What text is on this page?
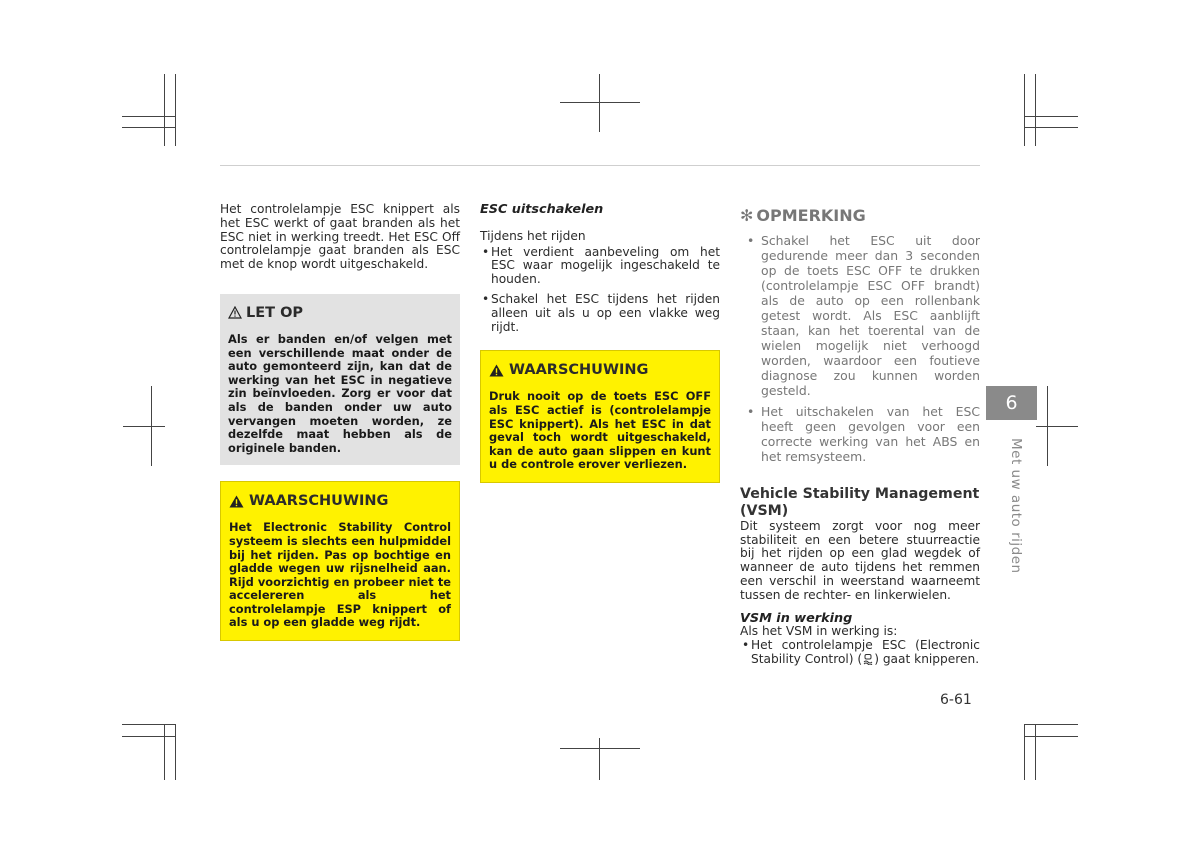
Het controlelampje ESC knippert als het ESC werkt of gaat branden als het ESC niet in werking treedt. Het ESC Off controlelampje gaat branden als ESC met de knop wordt uitgeschakeld.

LET OP

Als er banden en/of velgen met een verschillende maat onder de auto gemonteerd zijn, kan dat de werking van het ESC in negatieve zin beïnvloeden. Zorg er voor dat als de banden onder uw auto vervangen moeten worden, ze dezelfde maat hebben als de originele banden.

WAARSCHUWING

Het Electronic Stability Control systeem is slechts een hulpmiddel bij het rijden. Pas op bochtige en gladde wegen uw rijsnelheid aan. Rijd voorzichtig en probeer niet te accelereren als het controlelampje ESP knippert of als u op een gladde weg rijdt.

ESC uitschakelen

Tijdens het rijden

• Het verdient aanbeveling om het ESC waar mogelijk ingeschakeld te houden.
• Schakel het ESC tijdens het rijden alleen uit als u op een vlakke weg rijdt.
WAARSCHUWING

Druk nooit op de toets ESC OFF als ESC actief is (controlelampje ESC knippert). Als het ESC in dat geval toch wordt uitgeschakeld, kan de auto gaan slippen en kunt u de controle erover verliezen.

✻ OPMERKING
• Schakel het ESC uit door gedurende meer dan 3 seconden op de toets ESC OFF te drukken (controlelampje ESC OFF brandt) als de auto op een rollenbank getest wordt. Als ESC aanblijft staan, kan het toerental van de wielen mogelijk niet verhoogd worden, waardoor een foutieve diagnose zou kunnen worden gesteld.
• Het uitschakelen van het ESC heeft geen gevolgen voor een correcte werking van het ABS en het remsysteem.

Vehicle Stability Management (VSM)

Dit systeem zorgt voor nog meer stabiliteit en een betere stuurreactie bij het rijden op een glad wegdek of wanneer de auto tijdens het remmen een verschil in weerstand waarneemt tussen de rechter- en linkerwielen.

VSM in werking

Als het VSM in werking is:

• Het controlelampje ESC (Electronic Stability Control) ( ) gaat knipperen.
6
Met uw auto rijden
6-61
